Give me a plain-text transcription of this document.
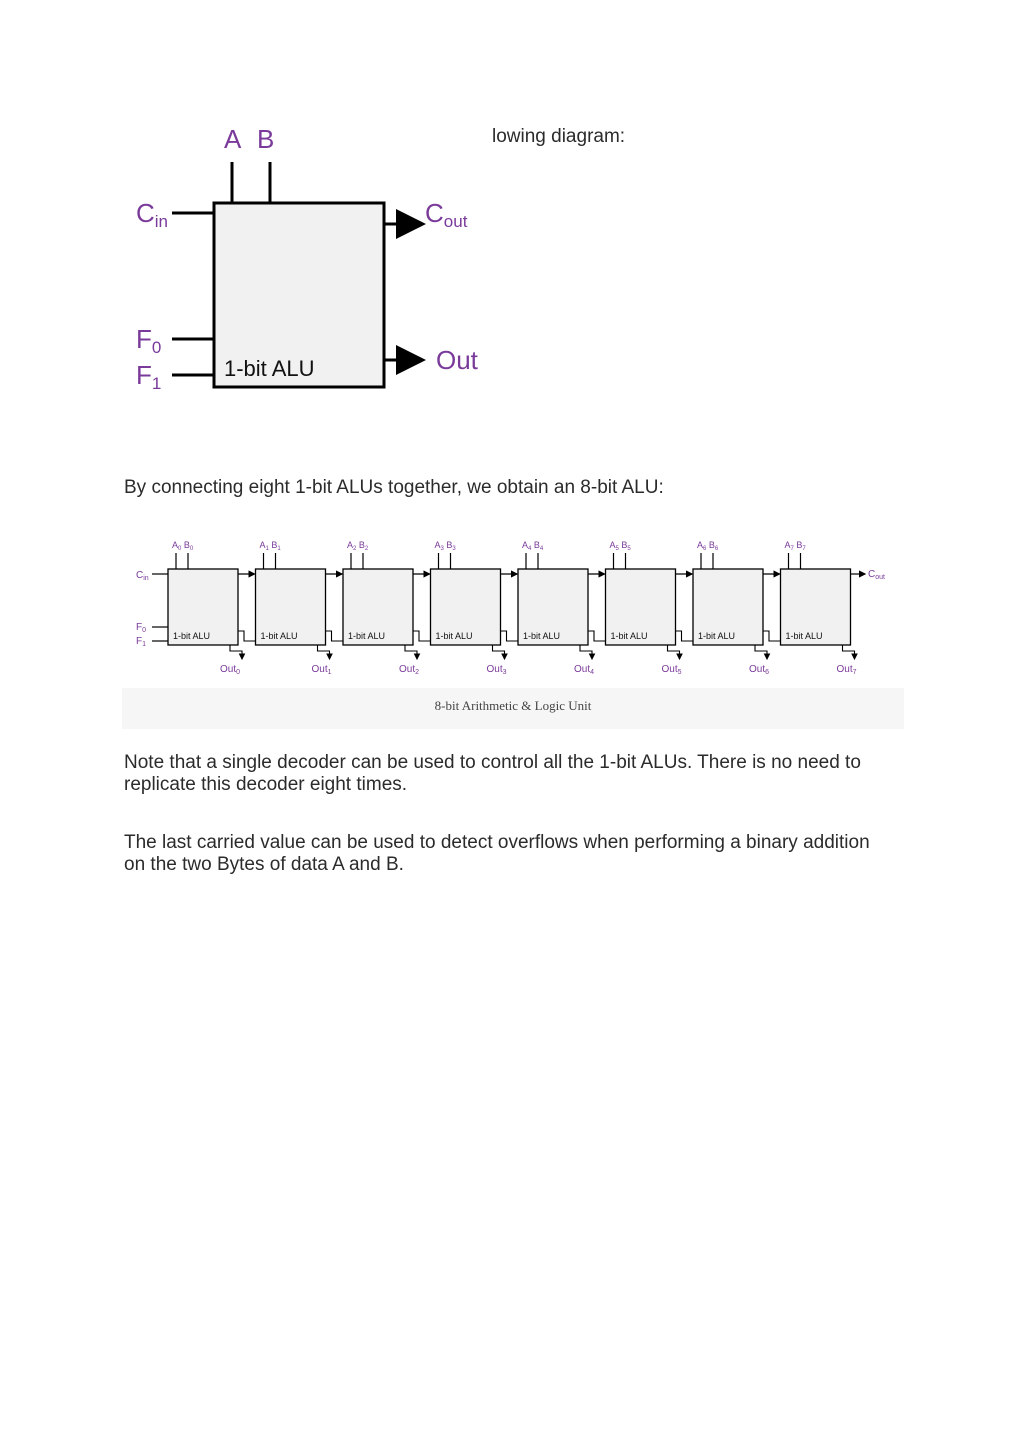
lowing diagram:
A B
Cin	Cout
F0
F1
1-bit ALU	Out

By connecting eight 1-bit ALUs together, we obtain an 8-bit ALU:

$A_0$ $B_0$
1-bit ALU
Out$_0$
$A_1$ $B_1$
1-bit ALU
Out$_1$
$A_2$ $B_2$
1-bit ALU
Out$_2$
$A_3$ $B_3$
1-bit ALU
Out$_3$
$A_4$ $B_4$
1-bit ALU
Out$_4$
$A_5$ $B_5$
1-bit ALU
Out$_5$
$A_6$ $B_6$
1-bit ALU
Out$_6$
$A_7$ $B_7$
1-bit ALU
Out$_7$
$C_{in}$
$F_0$
$F_1$
$C_{out}$
8-bit Arithmetic & Logic Unit

Note that a single decoder can be used to control all the 1-bit ALUs. There is no need to replicate this decoder eight times.

The last carried value can be used to detect overflows when performing a binary addition on the two Bytes of data A and B.
